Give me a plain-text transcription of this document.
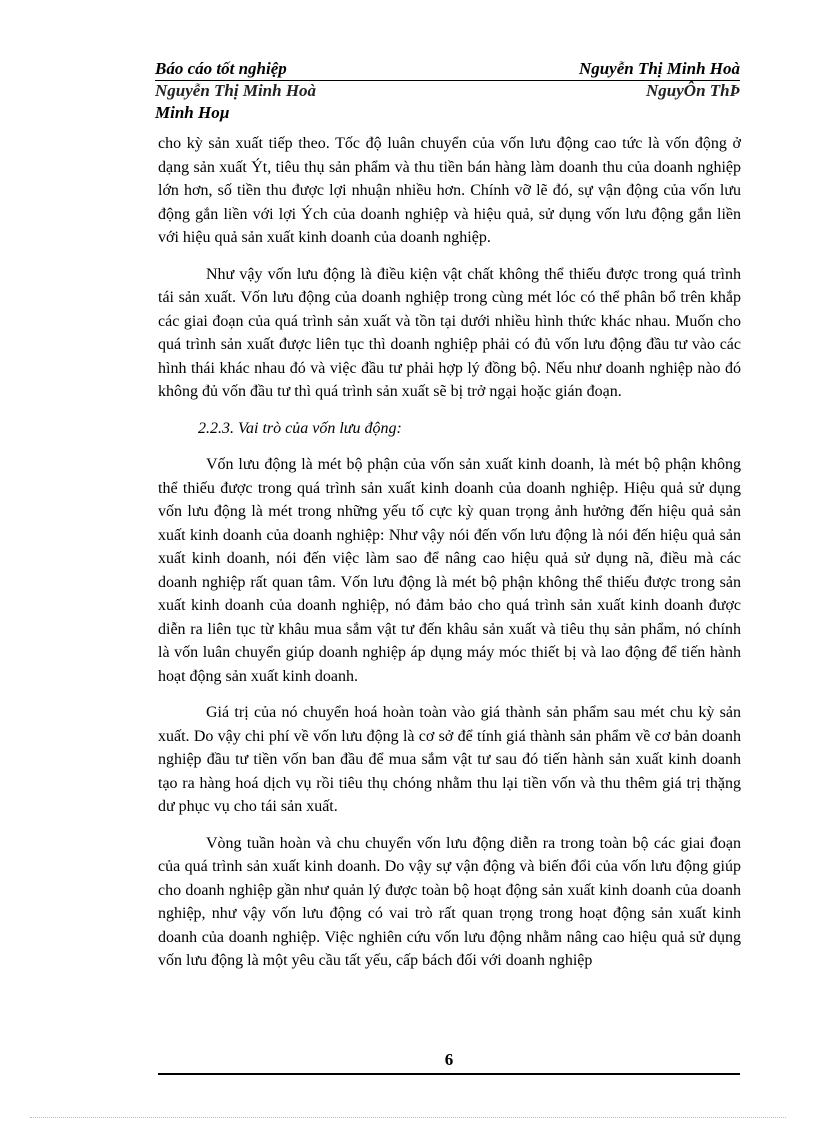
Báo cáo tốt nghiệp	Nguyễn Thị Minh Hoà
Nguyễn Thị Minh Hoà	NguyÔn ThÞ
Minh Hoµ

cho kỳ sản xuất tiếp theo. Tốc độ luân chuyển của vốn lưu động cao tức là vốn động ở dạng sản xuất Ýt, tiêu thụ sản phẩm và thu tiền bán hàng làm doanh thu của doanh nghiệp lớn hơn, số tiền thu được lợi nhuận nhiều hơn. Chính vỡ lẽ đó, sự vận động của vốn lưu động gắn liền với lợi Ých của doanh nghiệp và hiệu quả, sử dụng vốn lưu động gắn liền với hiệu quả sản xuất kinh doanh của doanh nghiệp.

Như vậy vốn lưu động là điều kiện vật chất không thể thiếu được trong quá trình tái sản xuất. Vốn lưu động của doanh nghiệp trong cùng mét lóc có thể phân bổ trên khắp các giai đoạn của quá trình sản xuất và tồn tại dưới nhiều hình thức khác nhau. Muốn cho quá trình sản xuất được liên tục thì doanh nghiệp phải có đủ vốn lưu động đầu tư vào các hình thái khác nhau đó và việc đầu tư phải hợp lý đồng bộ. Nếu như doanh nghiệp nào đó không đủ vốn đầu tư thì quá trình sản xuất sẽ bị trở ngại hoặc gián đoạn.

2.2.3. Vai trò của vốn lưu động:

Vốn lưu động là mét bộ phận của vốn sản xuất kinh doanh, là mét bộ phận không thể thiếu được trong quá trình sản xuất kinh doanh của doanh nghiệp. Hiệu quả sử dụng vốn lưu động là mét trong những yếu tố cực kỳ quan trọng ảnh hưởng đến hiệu quả sản xuất kinh doanh của doanh nghiệp: Như vậy nói đến vốn lưu động là nói đến hiệu quả sản xuất kinh doanh, nói đến việc làm sao để nâng cao hiệu quả sử dụng nã, điều mà các doanh nghiệp rất quan tâm. Vốn lưu động là mét bộ phận không thể thiếu được trong sản xuất kinh doanh của doanh nghiệp, nó đảm bảo cho quá trình sản xuất kinh doanh được diễn ra liên tục từ khâu mua sắm vật tư đến khâu sản xuất và tiêu thụ sản phẩm, nó chính là vốn luân chuyển giúp doanh nghiệp áp dụng máy móc thiết bị và lao động để tiến hành hoạt động sản xuất kinh doanh.

Giá trị của nó chuyển hoá hoàn toàn vào giá thành sản phẩm sau mét chu kỳ sản xuất. Do vậy chi phí về vốn lưu động là cơ sở để tính giá thành sản phẩm về cơ bản doanh nghiệp đầu tư tiền vốn ban đầu để mua sắm vật tư sau đó tiến hành sản xuất kinh doanh tạo ra hàng hoá dịch vụ rồi tiêu thụ chóng nhằm thu lại tiền vốn và thu thêm giá trị thặng dư phục vụ cho tái sản xuất.

Vòng tuần hoàn và chu chuyển vốn lưu động diễn ra trong toàn bộ các giai đoạn của quá trình sản xuất kinh doanh. Do vậy sự vận động và biến đổi của vốn lưu động giúp cho doanh nghiệp gần như quản lý được toàn bộ hoạt động sản xuất kinh doanh của doanh nghiệp, như vậy vốn lưu động có vai trò rất quan trọng trong hoạt động sản xuất kinh doanh của doanh nghiệp. Việc nghiên cứu vốn lưu động nhằm nâng cao hiệu quả sử dụng vốn lưu động là một yêu cầu tất yếu, cấp bách đối với doanh nghiệp

6
